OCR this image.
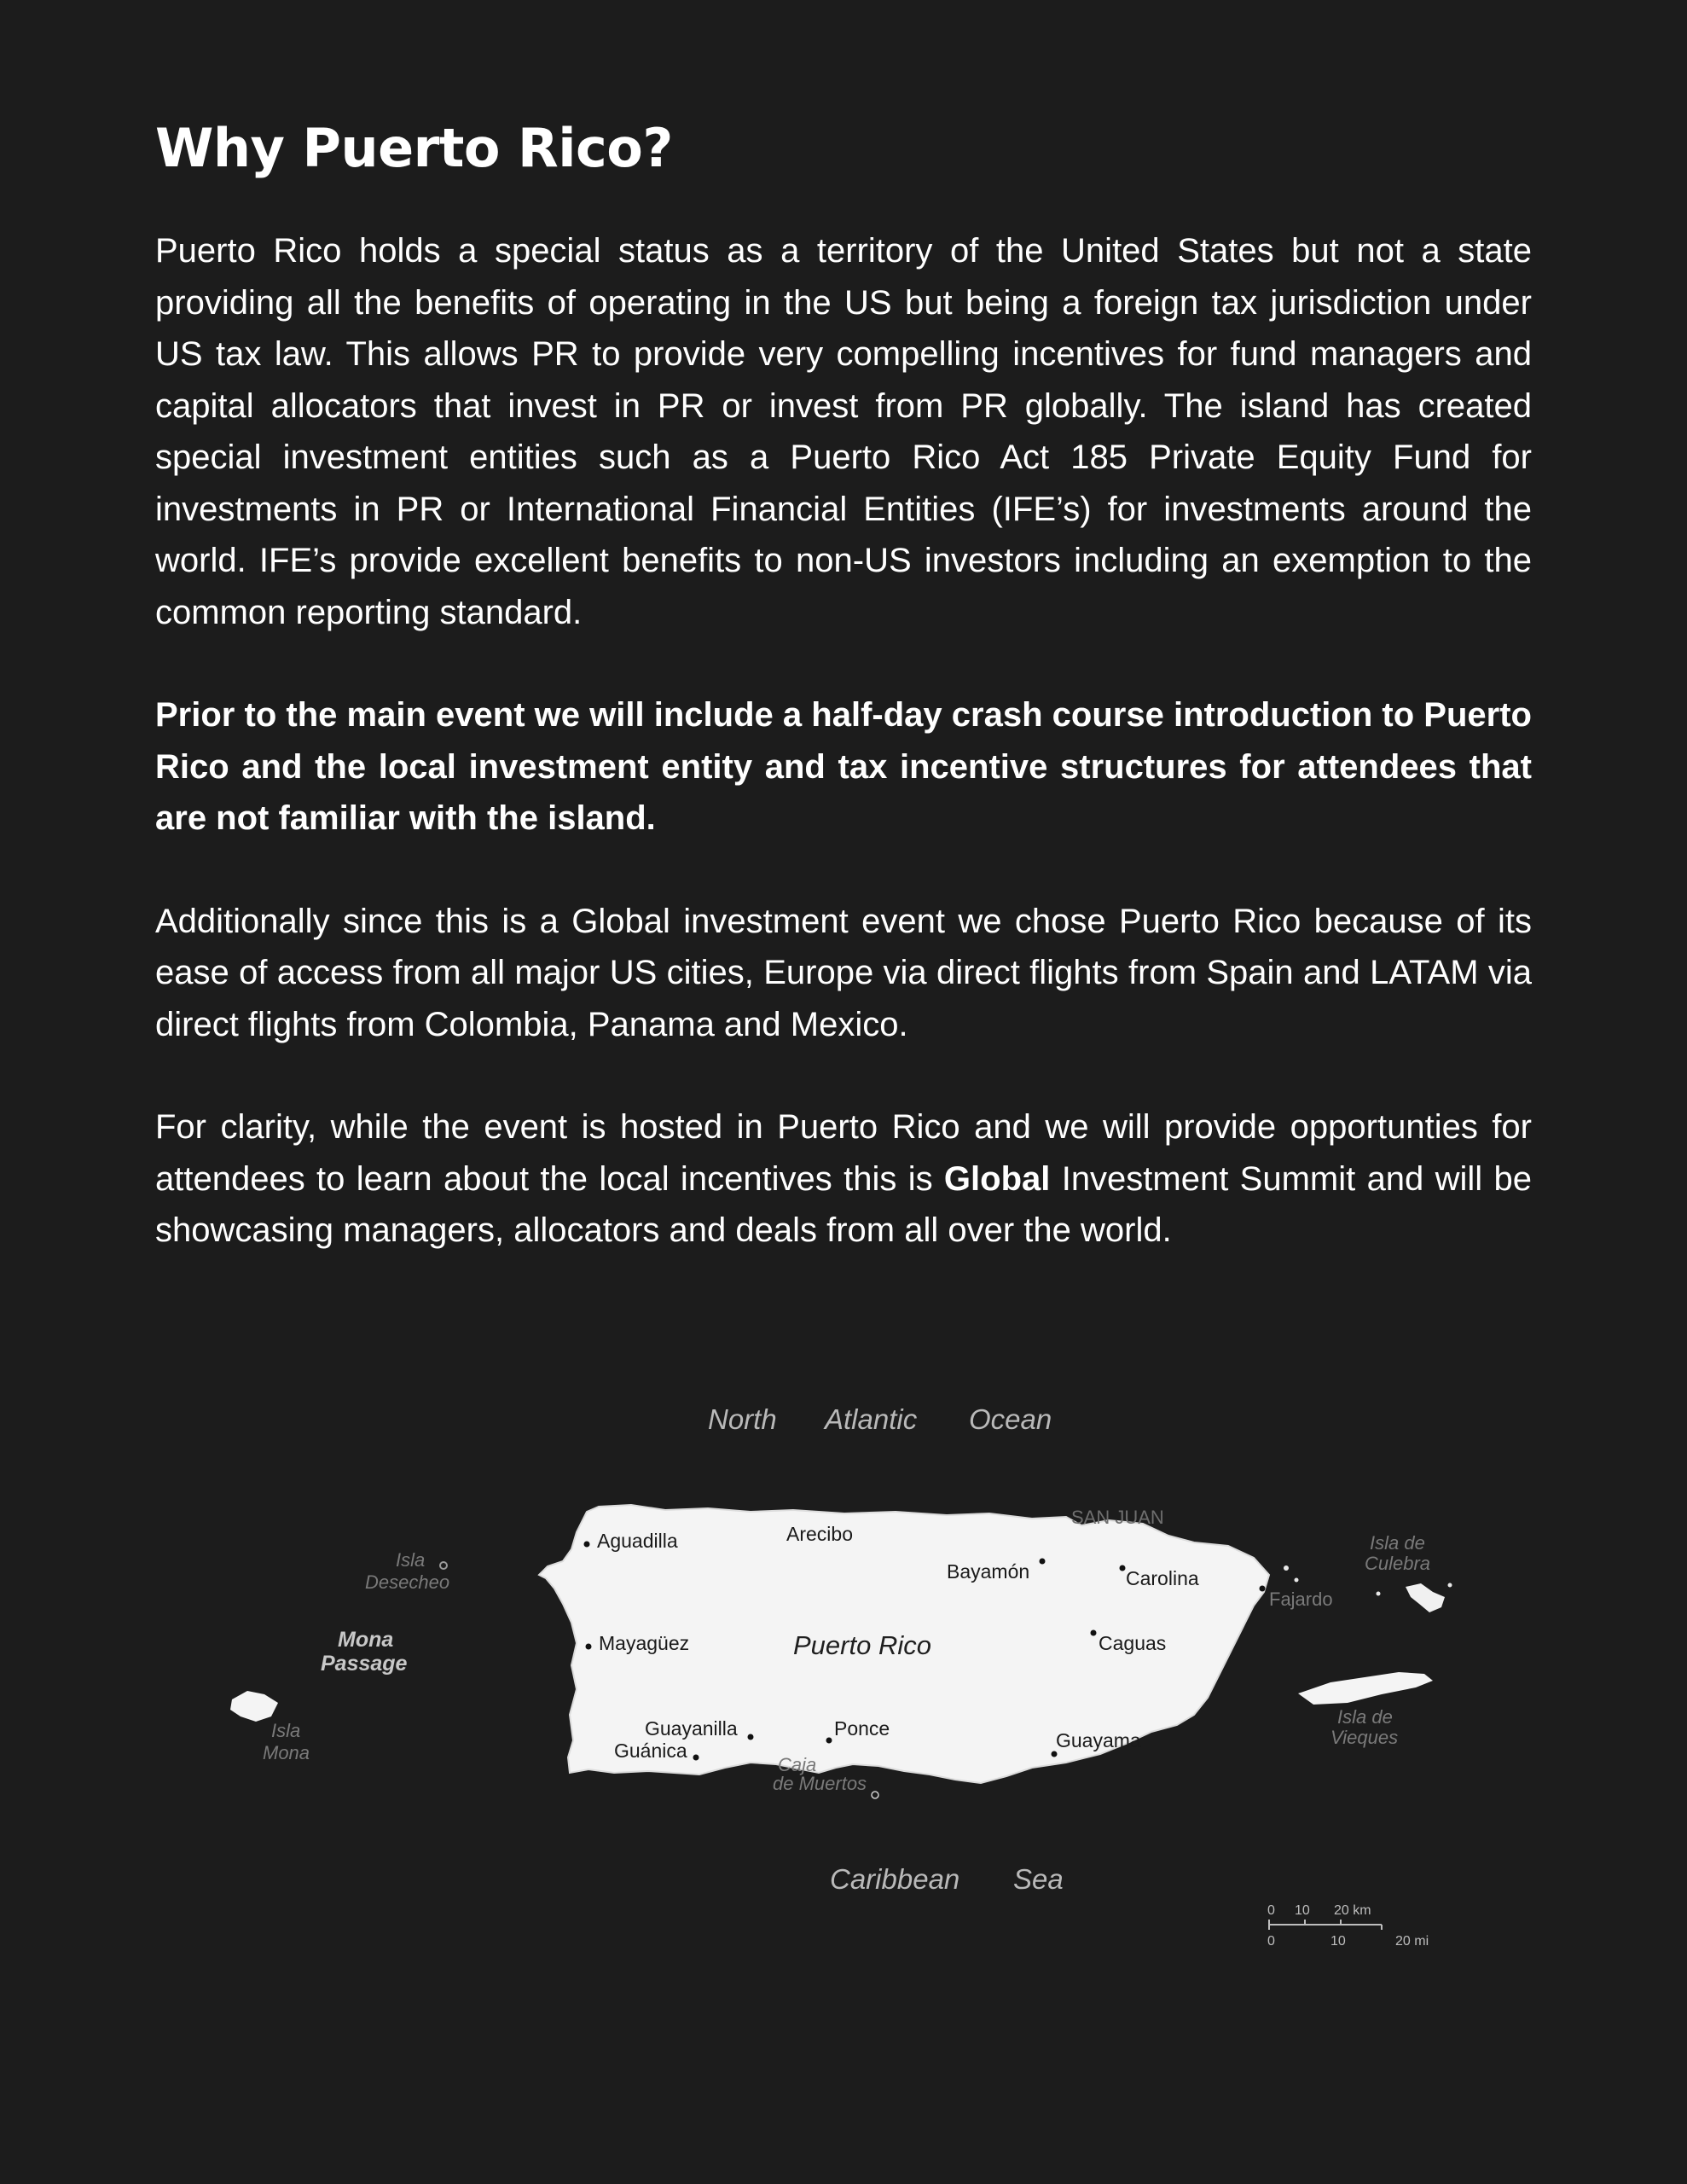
Why Puerto Rico?

Puerto Rico holds a special status as a territory of the United States but not a state providing all the benefits of operating in the US but being a foreign tax jurisdiction under US tax law. This allows PR to provide very compelling incentives for fund managers and capital allocators that invest in PR or invest from PR globally. The island has created special investment entities such as a Puerto Rico Act 185 Private Equity Fund for investments in PR or International Financial Entities (IFE’s) for investments around the world. IFE’s provide excellent benefits to non-US investors including an exemption to the common reporting standard.

Prior to the main event we will include a half-day crash course introduction to Puerto Rico and the local investment entity and tax incentive structures for attendees that are not familiar with the island.

Additionally since this is a Global investment event we chose Puerto Rico because of its ease of access from all major US cities, Europe via direct flights from Spain and LATAM via direct flights from Colombia, Panama and Mexico.

For clarity, while the event is hosted in Puerto Rico and we will provide opportunties for attendees to learn about the local incentives this is Global Investment Summit and will be showcasing managers, allocators and deals from all over the world.

North Atlantic Ocean
Caribbean Sea
Puerto Rico
Aguadilla	Arecibo
SAN JUAN
Bayamón	Carolina
Fajardo
Mayagüez	Caguas
Guayanilla
Guánica
Ponce
Guayama
Isla
Desecheo
Isla
Mona
Isla de
Culebra
Isla de
Vieques
Caja
de Muertos
Mona
Passage
0 10 20 km
0	10	20 mi
